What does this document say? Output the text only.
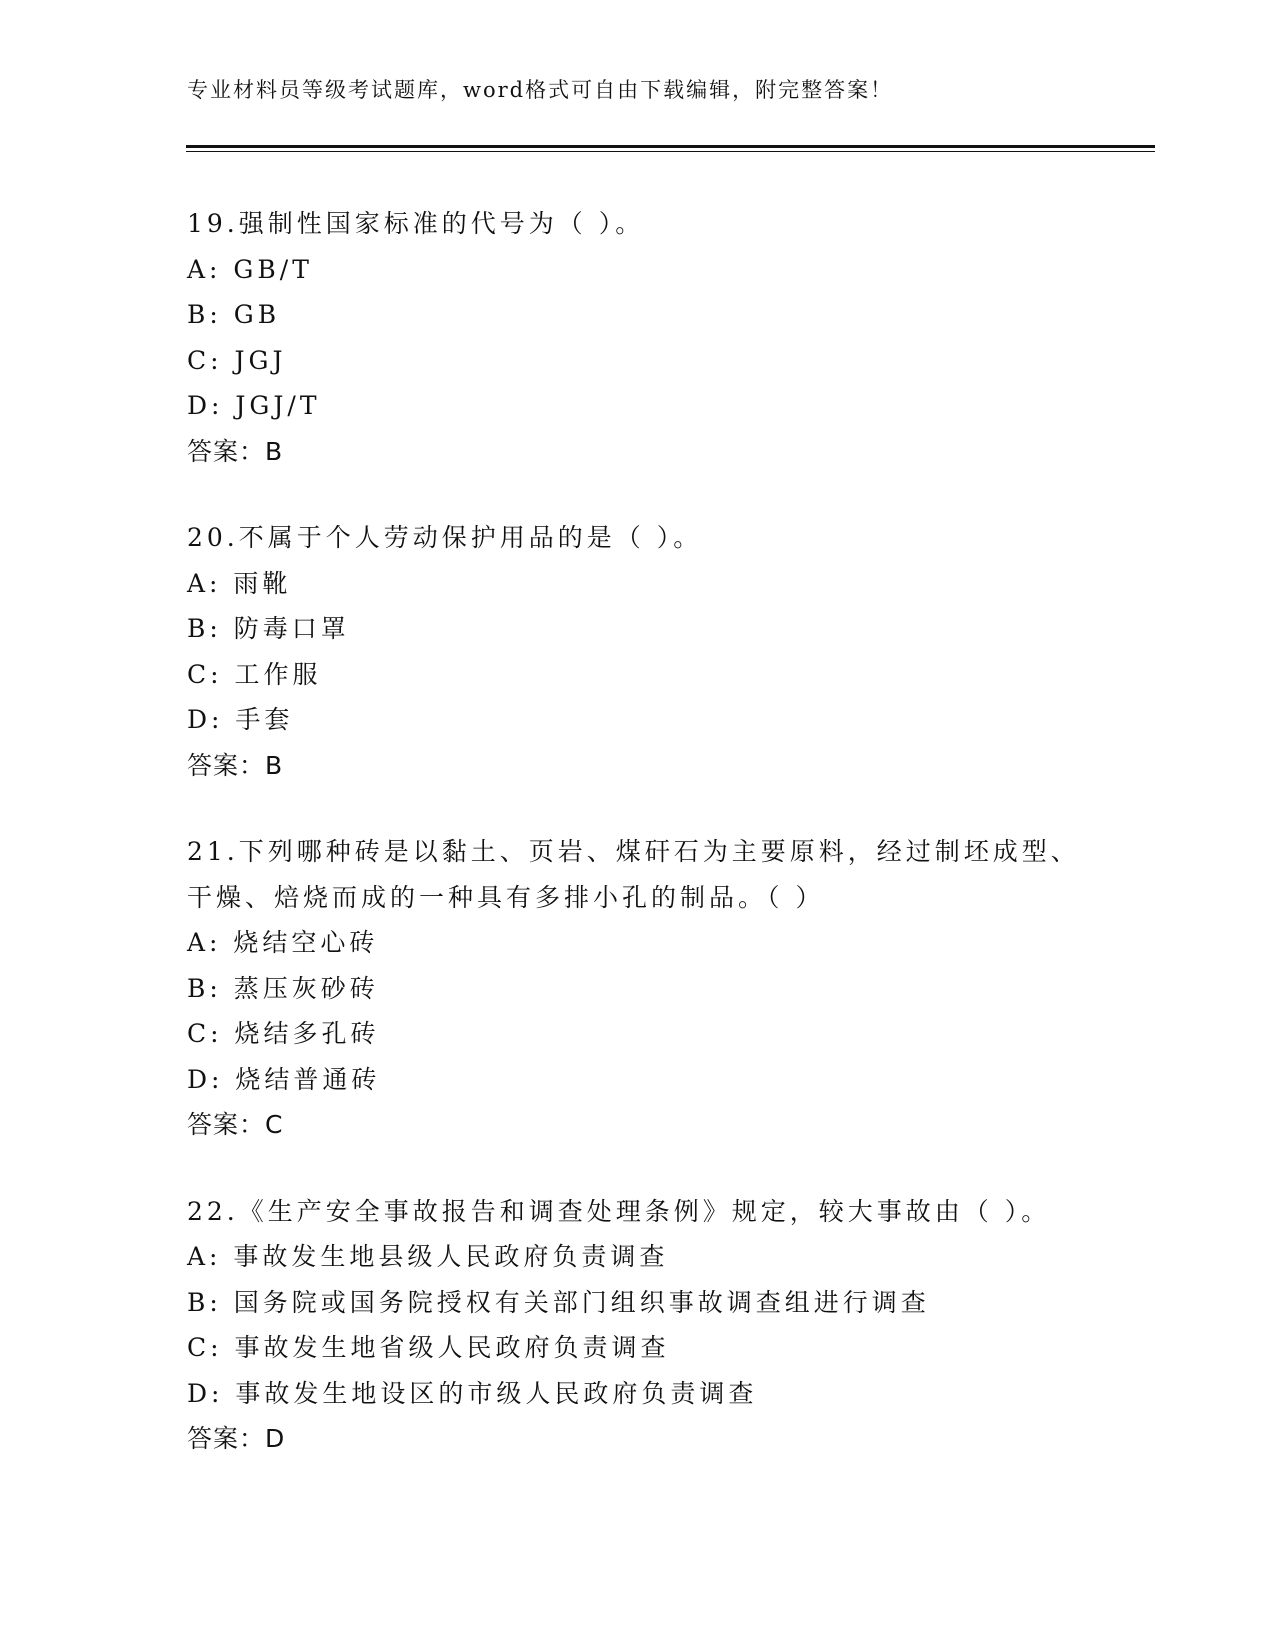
专业材料员等级考试题库，word格式可自由下载编辑，附完整答案！
19.强制性国家标准的代号为（ ）。
A: GB/T
B: GB
C: JGJ
D: JGJ/T
答案：B
20.不属于个人劳动保护用品的是（ ）。
A: 雨靴
B: 防毒口罩
C: 工作服
D: 手套
答案：B
21.下列哪种砖是以黏土、页岩、煤矸石为主要原料，经过制坯成型、
干燥、焙烧而成的一种具有多排小孔的制品。（ ）
A: 烧结空心砖
B: 蒸压灰砂砖
C: 烧结多孔砖
D: 烧结普通砖
答案：C
22.《生产安全事故报告和调查处理条例》规定，较大事故由（ ）。
A: 事故发生地县级人民政府负责调查
B: 国务院或国务院授权有关部门组织事故调查组进行调查
C: 事故发生地省级人民政府负责调查
D: 事故发生地设区的市级人民政府负责调查
答案：D
